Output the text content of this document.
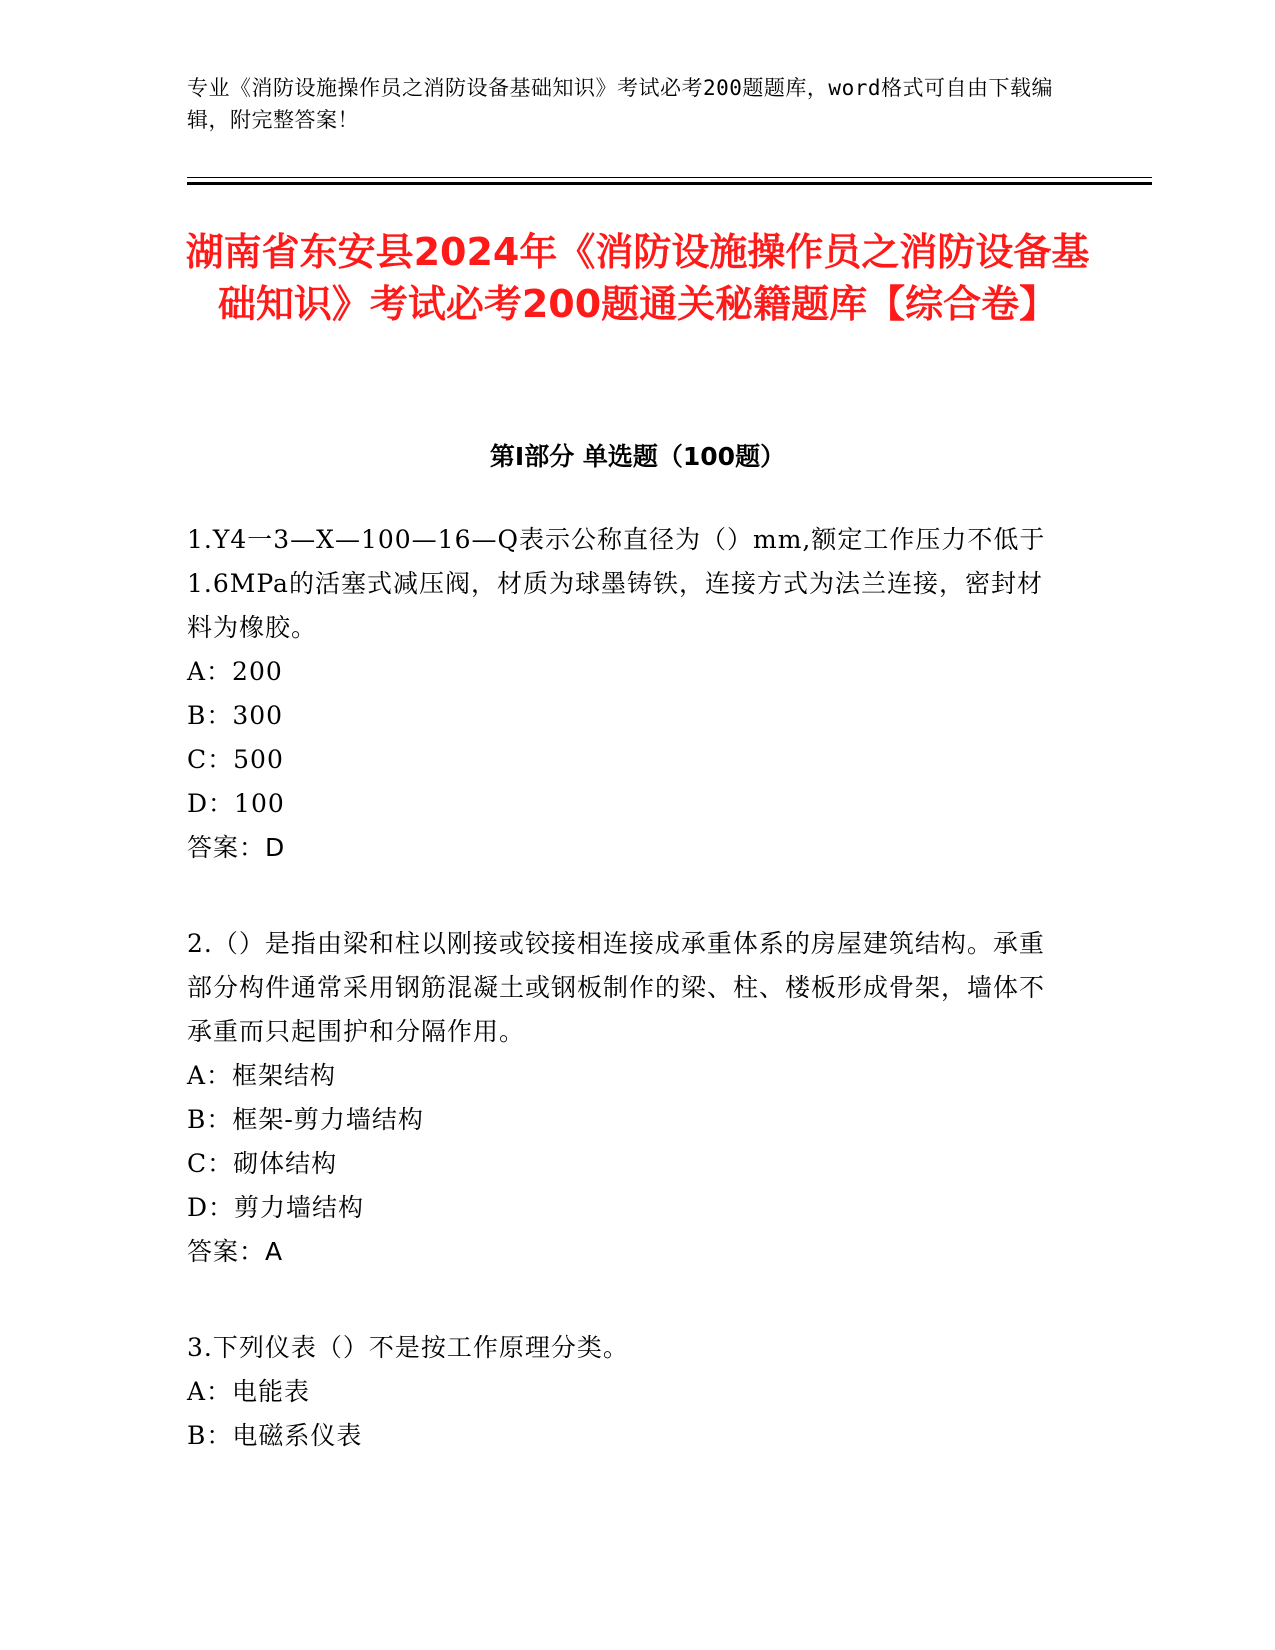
专业《消防设施操作员之消防设备基础知识》考试必考200题题库，word格式可自由下载编辑，附完整答案！
湖南省东安县2024年《消防设施操作员之消防设备基础知识》考试必考200题通关秘籍题库【综合卷】
第I部分 单选题（100题）

1.Y4一3—X—100—16—Q表示公称直径为（）mm,额定工作压力不低于1.6MPa的活塞式减压阀，材质为球墨铸铁，连接方式为法兰连接，密封材料为橡胶。

A：200

B：300

C：500

D：100

答案：D

2.（）是指由梁和柱以刚接或铰接相连接成承重体系的房屋建筑结构。承重部分构件通常采用钢筋混凝土或钢板制作的梁、柱、楼板形成骨架，墙体不承重而只起围护和分隔作用。

A：框架结构

B：框架-剪力墙结构

C：砌体结构

D：剪力墙结构

答案：A

3.下列仪表（）不是按工作原理分类。

A：电能表

B：电磁系仪表
